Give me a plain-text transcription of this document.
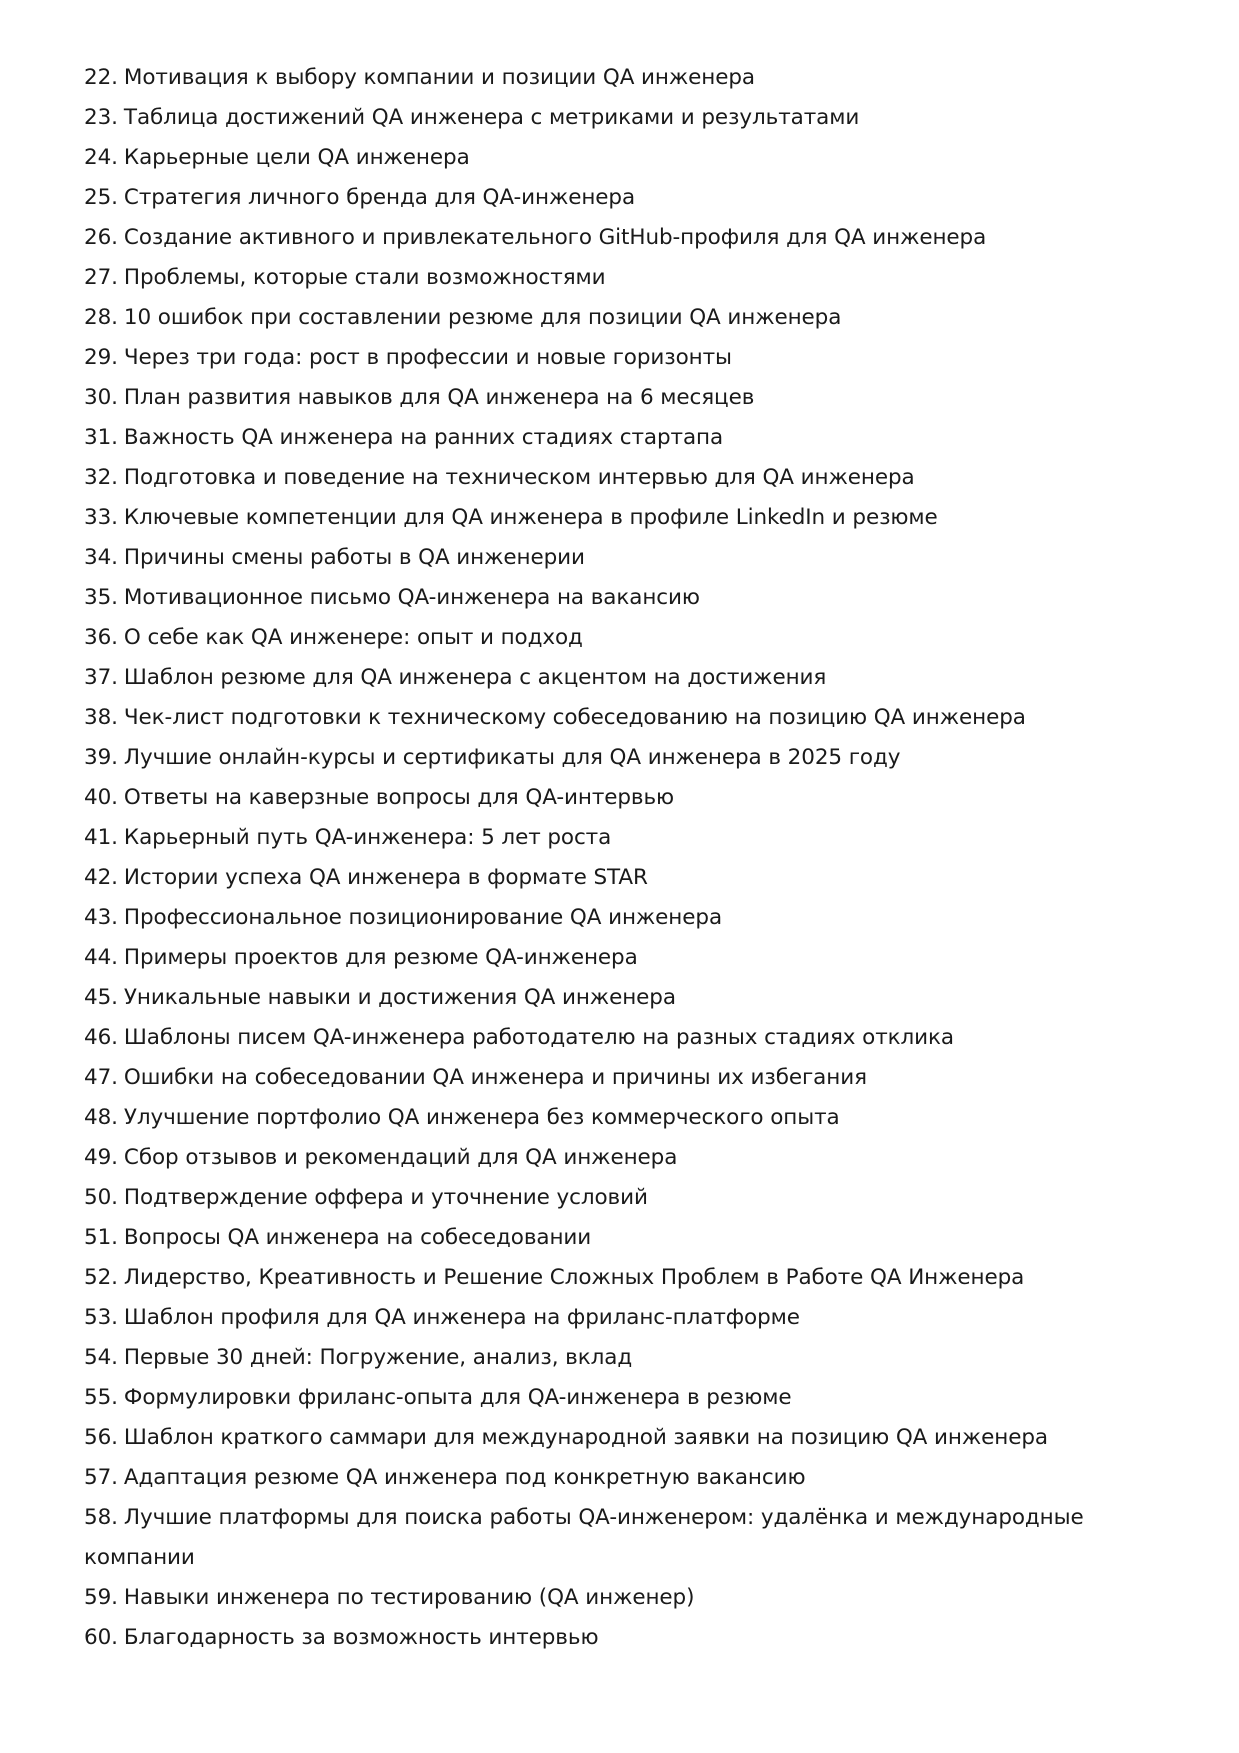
22. Мотивация к выбору компании и позиции QA инженера
23. Таблица достижений QA инженера с метриками и результатами
24. Карьерные цели QA инженера
25. Стратегия личного бренда для QA-инженера
26. Создание активного и привлекательного GitHub-профиля для QA инженера
27. Проблемы, которые стали возможностями
28. 10 ошибок при составлении резюме для позиции QA инженера
29. Через три года: рост в профессии и новые горизонты
30. План развития навыков для QA инженера на 6 месяцев
31. Важность QA инженера на ранних стадиях стартапа
32. Подготовка и поведение на техническом интервью для QA инженера
33. Ключевые компетенции для QA инженера в профиле LinkedIn и резюме
34. Причины смены работы в QA инженерии
35. Мотивационное письмо QA-инженера на вакансию
36. О себе как QA инженере: опыт и подход
37. Шаблон резюме для QA инженера с акцентом на достижения
38. Чек-лист подготовки к техническому собеседованию на позицию QA инженера
39. Лучшие онлайн-курсы и сертификаты для QA инженера в 2025 году
40. Ответы на каверзные вопросы для QA-интервью
41. Карьерный путь QA-инженера: 5 лет роста
42. Истории успеха QA инженера в формате STAR
43. Профессиональное позиционирование QA инженера
44. Примеры проектов для резюме QA-инженера
45. Уникальные навыки и достижения QA инженера
46. Шаблоны писем QA-инженера работодателю на разных стадиях отклика
47. Ошибки на собеседовании QA инженера и причины их избегания
48. Улучшение портфолио QA инженера без коммерческого опыта
49. Сбор отзывов и рекомендаций для QA инженера
50. Подтверждение оффера и уточнение условий
51. Вопросы QA инженера на собеседовании
52. Лидерство, Креативность и Решение Сложных Проблем в Работе QA Инженера
53. Шаблон профиля для QA инженера на фриланс-платформе
54. Первые 30 дней: Погружение, анализ, вклад
55. Формулировки фриланс-опыта для QA-инженера в резюме
56. Шаблон краткого саммари для международной заявки на позицию QA инженера
57. Адаптация резюме QA инженера под конкретную вакансию
58. Лучшие платформы для поиска работы QA-инженером: удалёнка и международные компании
59. Навыки инженера по тестированию (QA инженер)
60. Благодарность за возможность интервью
